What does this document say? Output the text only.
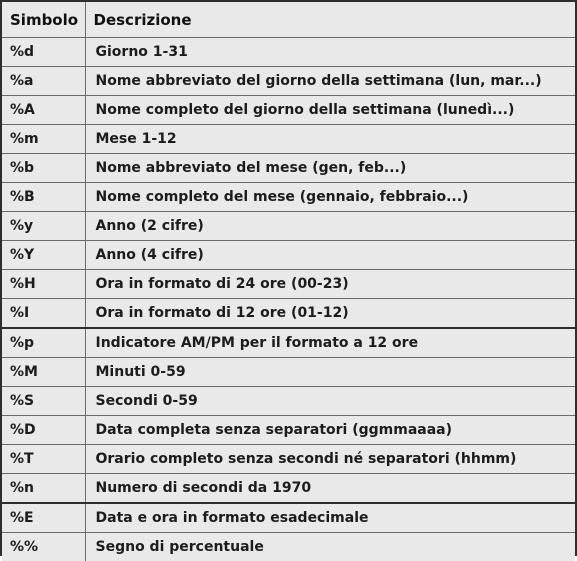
Simbolo	Descrizione
%d	Giorno 1-31
%a	Nome abbreviato del giorno della settimana (lun, mar...)
%A	Nome completo del giorno della settimana (lunedì...)
%m	Mese 1-12
%b	Nome abbreviato del mese (gen, feb...)
%B	Nome completo del mese (gennaio, febbraio...)
%y	Anno (2 cifre)
%Y	Anno (4 cifre)
%H	Ora in formato di 24 ore (00-23)
%I	Ora in formato di 12 ore (01-12)
%p	Indicatore AM/PM per il formato a 12 ore
%M	Minuti 0-59
%S	Secondi 0-59
%D	Data completa senza separatori (ggmmaaaa)
%T	Orario completo senza secondi né separatori (hhmm)
%n	Numero di secondi da 1970
%E	Data e ora in formato esadecimale
%%	Segno di percentuale
